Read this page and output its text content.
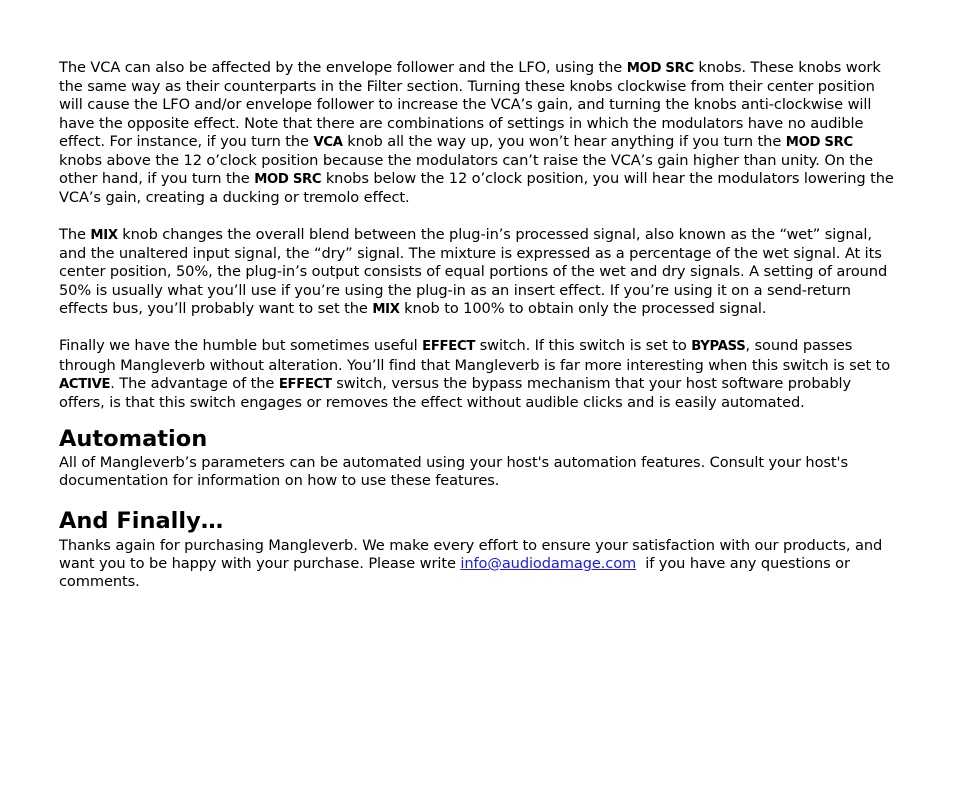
The VCA can also be affected by the envelope follower and the LFO, using the MOD SRC knobs. These knobs work the same way as their counterparts in the Filter section. Turning these knobs clockwise from their center position will cause the LFO and/or envelope follower to increase the VCA’s gain, and turning the knobs anti-clockwise will have the opposite effect. Note that there are combinations of settings in which the modulators have no audible effect. For instance, if you turn the VCA knob all the way up, you won’t hear anything if you turn the MOD SRC knobs above the 12 o’clock position because the modulators can’t raise the VCA’s gain higher than unity. On the other hand, if you turn the MOD SRC knobs below the 12 o’clock position, you will hear the modulators lowering the VCA’s gain, creating a ducking or tremolo effect.

The MIX knob changes the overall blend between the plug-in’s processed signal, also known as the “wet” signal, and the unaltered input signal, the “dry” signal. The mixture is expressed as a percentage of the wet signal. At its center position, 50%, the plug-in’s output consists of equal portions of the wet and dry signals. A setting of around 50% is usually what you’ll use if you’re using the plug-in as an insert effect. If you’re using it on a send-return effects bus, you’ll probably want to set the MIX knob to 100% to obtain only the processed signal.

Finally we have the humble but sometimes useful EFFECT switch. If this switch is set to BYPASS, sound passes through Mangleverb without alteration. You’ll find that Mangleverb is far more interesting when this switch is set to ACTIVE. The advantage of the EFFECT switch, versus the bypass mechanism that your host software probably offers, is that this switch engages or removes the effect without audible clicks and is easily automated.

Automation

All of Mangleverb’s parameters can be automated using your host's automation features. Consult your host's documentation for information on how to use these features.

And Finally…

Thanks again for purchasing Mangleverb. We make every effort to ensure your satisfaction with our products, and want you to be happy with your purchase. Please write info@audiodamage.com  if you have any questions or comments.
